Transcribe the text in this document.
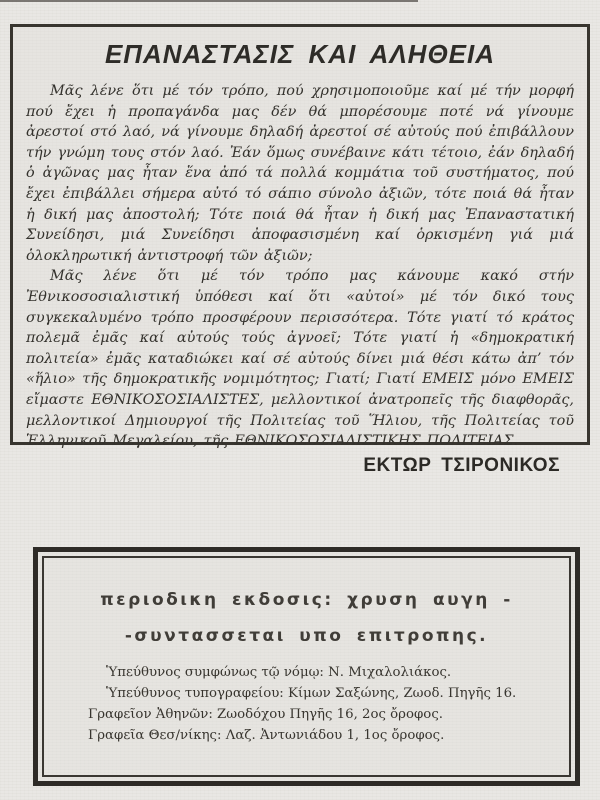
ΕΠΑΝΑΣΤΑΣΙΣ ΚΑΙ ΑΛΗΘΕΙΑ

Μᾶς λένε ὅτι μέ τόν τρόπο, πού χρησιμοποιοῦμε καί μέ τήν μορφή πού ἔχει ἡ προπαγάνδα μας δέν θά μπορέσουμε ποτέ νά γίνουμε ἀρεστοί στό λαό, νά γίνουμε δηλαδή ἀρεστοί σέ αὐτούς πού ἐπιβάλλουν τήν γνώμη τους στόν λαό. Ἐάν ὅμως συνέβαινε κάτι τέτοιο, ἐάν δηλαδή ὁ ἀγῶνας μας ἦταν ἕνα ἀπό τά πολλά κομμάτια τοῦ συστήματος, πού ἔχει ἐπιβάλλει σήμερα αὐτό τό σάπιο σύνολο ἀξιῶν, τότε ποιά θά ἦταν ἡ δική μας ἀποστολή; Τότε ποιά θά ἦταν ἡ δική μας Ἐπαναστατική Συνείδησι, μιά Συνείδησι ἀποφασισμένη καί ὁρκισμένη γιά μιά ὁλοκληρωτική ἀντιστροφή τῶν ἀξιῶν;

Μᾶς λένε ὅτι μέ τόν τρόπο μας κάνουμε κακό στήν Ἐθνικοσοσιαλιστική ὑπόθεσι καί ὅτι «αὐτοί» μέ τόν δικό τους συγκεκαλυμένο τρόπο προσφέρουν περισσότερα. Τότε γιατί τό κράτος πολεμᾶ ἐμᾶς καί αὐτούς τούς ἀγνοεῖ; Τότε γιατί ἡ «δημοκρατική πολιτεία» ἐμᾶς καταδιώκει καί σέ αὐτούς δίνει μιά θέσι κάτω ἀπ’ τόν «ἥλιο» τῆς δημοκρατικῆς νομιμότητος; Γιατί; Γιατί ΕΜΕΙΣ μόνο ΕΜΕΙΣ εἴμαστε ΕΘΝΙΚΟΣΟΣΙΑΛΙΣΤΕΣ, μελλοντικοί ἀνατροπεῖς τῆς διαφθορᾶς, μελλοντικοί Δημιουργοί τῆς Πολιτείας τοῦ Ἥλιου, τῆς Πολιτείας τοῦ Ἑλληνικοῦ Μεγαλείου, τῆς ΕΘΝΙΚΟΣΟΣΙΑΛΙΣΤΙΚΗΣ ΠΟΛΙΤΕΙΑΣ.

ΕΚΤΩΡ ΤΣΙΡΟΝΙΚΟΣ
περιοδικη εκδοσις: χρυση αυγη -
-συντασσεται υπο επιτροπης.
Ὑπεύθυνος συμφώνως τῷ νόμῳ: Ν. Μιχαλολιάκος.
Ὑπεύθυνος τυπογραφείου: Κίμων Σαξώνης, Ζωοδ. Πηγῆς 16.
Γραφεῖον Ἀθηνῶν: Ζωοδόχου Πηγῆς 16, 2ος ὄροφος.
Γραφεῖα Θεσ/νίκης: Λαζ. Ἀντωνιάδου 1, 1ος ὄροφος.
